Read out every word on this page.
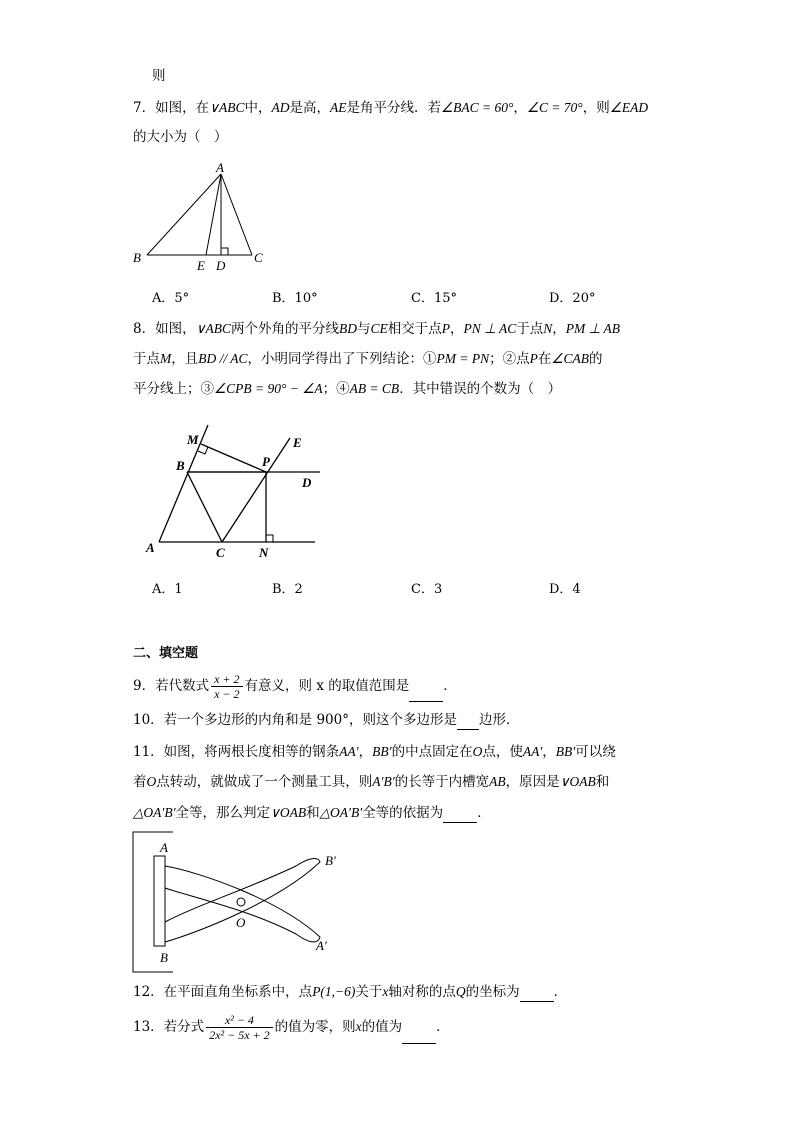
则
7．如图，在∨ABC中，AD是高，AE是角平分线．若∠BAC = 60°，∠C = 70°，则∠EAD
的大小为（　）
A
B
E D
C
A．5°	B．10°	C．15°	D．20°
8．如图，∨ABC两个外角的平分线BD与CE相交于点P，PN ⊥ AC于点N，PM ⊥ AB
于点M，且BD // AC，小明同学得出了下列结论：①PM = PN；②点P在∠CAB的
平分线上；③∠CPB = 90° − ∠A；④AB = CB．其中错误的个数为（　）
M	E
B	P
D
A	C	N
A．1	B．2	C．3	D．4
二、填空题
9．若代数式 $\frac{x + 2}{x - 2}$ 有意义，则 x 的取值范围是	．
10．若一个多边形的内角和是 900°，则这个多边形是 边形．
11．如图，将两根长度相等的钢条AA′，BB′的中点固定在O点，使AA′，BB′可以绕
着O点转动，就做成了一个测量工具，则A′B′的长等于内槽宽AB，原因是∨OAB和
△OA′B′全等，那么判定∨OAB和△OA′B′全等的依据为	．
A
B
O
B′
A′
12．在平面直角坐标系中，点P(1,−6)关于x轴对称的点Q的坐标为	．
13．若分式 $\frac{\text{x² − 4}}{\text{2x² − 5x + 2}}$ 的值为零，则x的值为	．
